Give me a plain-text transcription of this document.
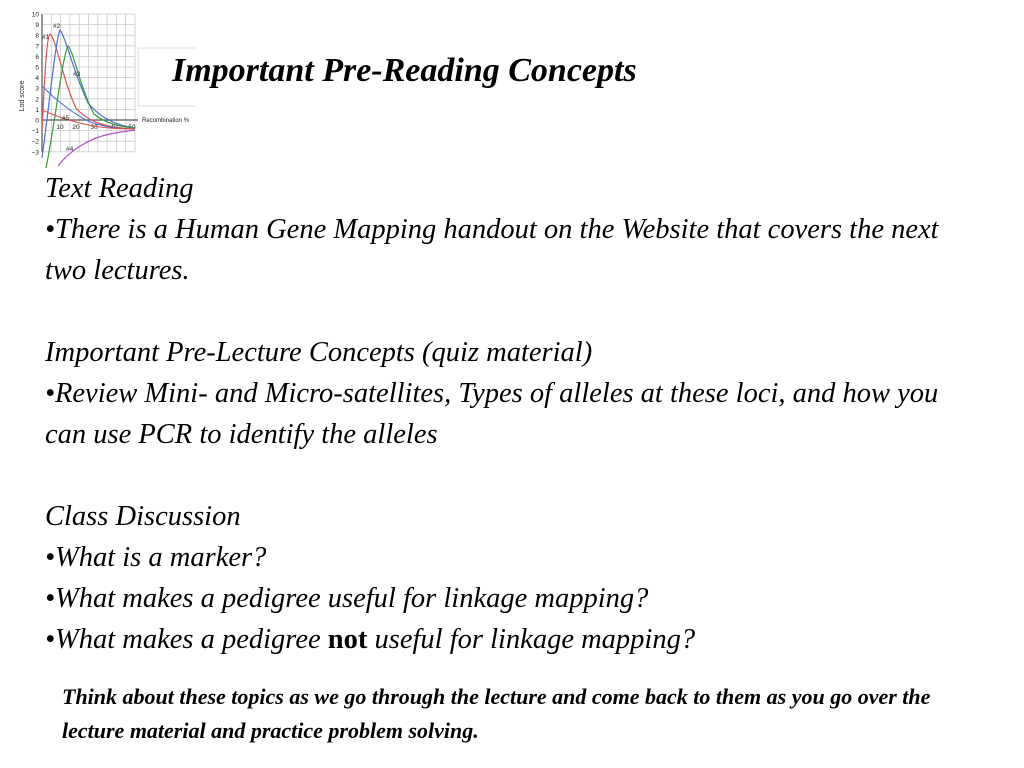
10
9
8
7
6
5
4
3
2
1
0
−1
−2
−3
10 20 30 40 50
Lod score
Recombination %
#1
#2
#3
#4
#5
Important Pre-Reading Concepts

Text Reading

•There is a Human Gene Mapping handout on the Website that covers the next two lectures.

Important Pre-Lecture Concepts (quiz material)

•Review Mini- and Micro-satellites, Types of alleles at these loci, and how you can use PCR to identify the alleles

Class Discussion

•What is a marker?

•What makes a pedigree useful for linkage mapping?

•What makes a pedigree not useful for linkage mapping?

Think about these topics as we go through the lecture and come back to them as you go over the lecture material and practice problem solving.
